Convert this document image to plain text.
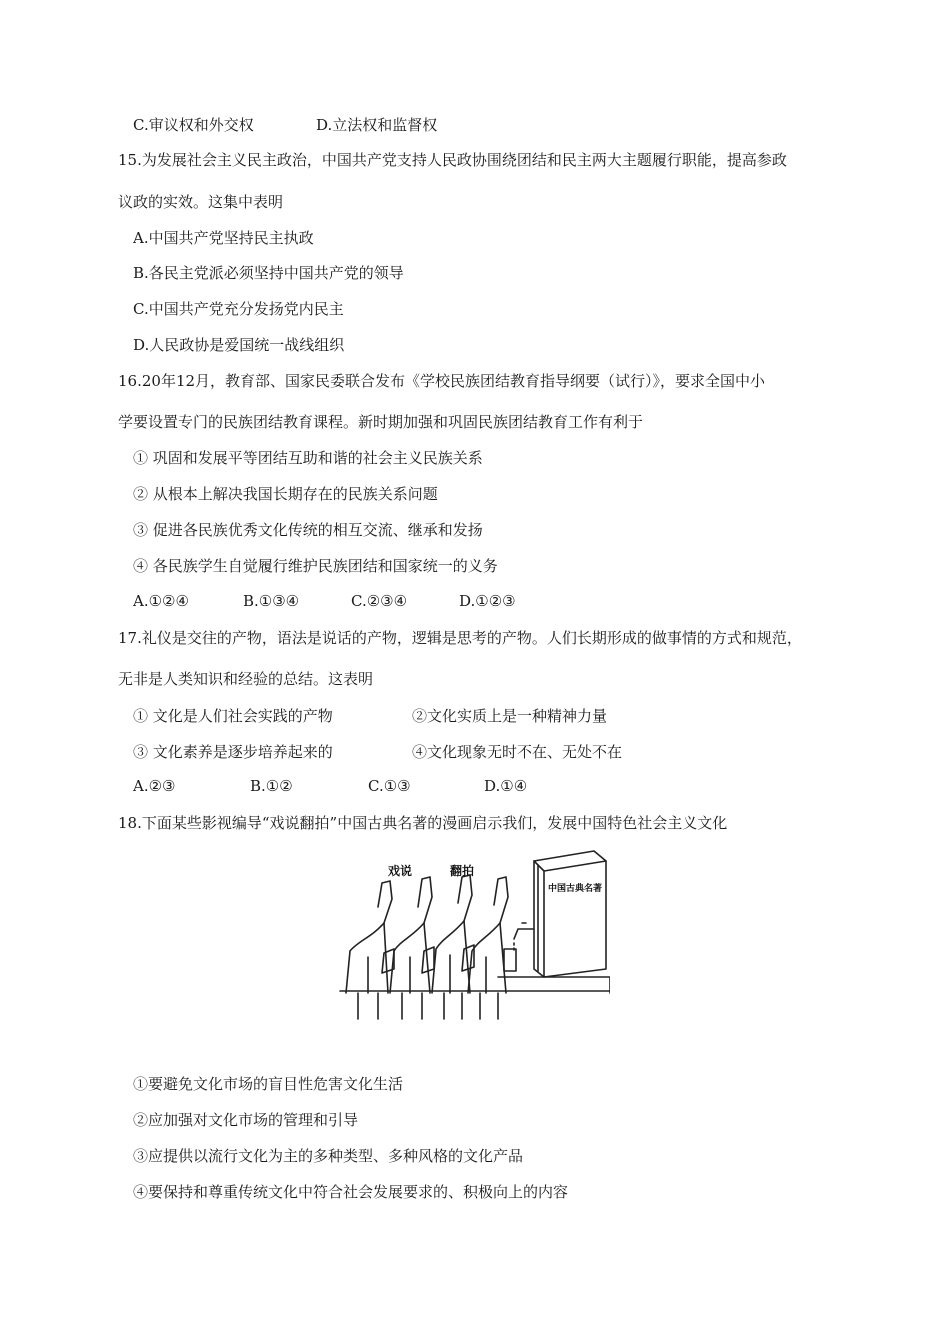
C.审议权和外交权	D.立法权和监督权
15.为发展社会主义民主政治，中国共产党支持人民政协围绕团结和民主两大主题履行职能，提高参政
议政的实效。这集中表明
A.中国共产党坚持民主执政
B.各民主党派必须坚持中国共产党的领导
C.中国共产党充分发扬党内民主
D.人民政协是爱国统一战线组织
16.20年12月，教育部、国家民委联合发布《学校民族团结教育指导纲要（试行）》，要求全国中小
学要设置专门的民族团结教育课程。新时期加强和巩固民族团结教育工作有利于
① 巩固和发展平等团结互助和谐的社会主义民族关系
② 从根本上解决我国长期存在的民族关系问题
③ 促进各民族优秀文化传统的相互交流、继承和发扬
④ 各民族学生自觉履行维护民族团结和国家统一的义务
A.①②④	B.①③④	C.②③④	D.①②③
17.礼仪是交往的产物，语法是说话的产物，逻辑是思考的产物。人们长期形成的做事情的方式和规范，
无非是人类知识和经验的总结。这表明
① 文化是人们社会实践的产物	②文化实质上是一种精神力量
③ 文化素养是逐步培养起来的	④文化现象无时不在、无处不在
A.②③	B.①②	C.①③	D.①④
18.下面某些影视编导“戏说翻拍”中国古典名著的漫画启示我们，发展中国特色社会主义文化
戏说	翻拍
中国古典名著
①要避免文化市场的盲目性危害文化生活
②应加强对文化市场的管理和引导
③应提供以流行文化为主的多种类型、多种风格的文化产品
④要保持和尊重传统文化中符合社会发展要求的、积极向上的内容
